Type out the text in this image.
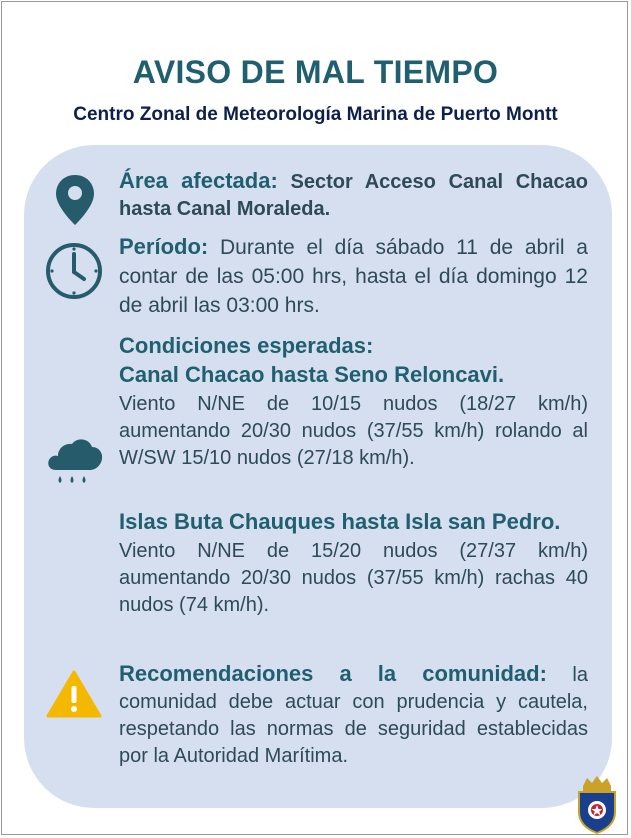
AVISO DE MAL TIEMPO
Centro Zonal de Meteorología Marina de Puerto Montt
Área afectada: Sector Acceso Canal Chacao hasta Canal Moraleda.
Período: Durante el día sábado 11 de abril a contar de las 05:00 hrs, hasta el día domingo 12 de abril las 03:00 hrs.
Condiciones esperadas:
Canal Chacao hasta Seno Reloncavi.
Viento N/NE de 10/15 nudos (18/27 km/h) aumentando 20/30 nudos (37/55 km/h) rolando al W/SW 15/10 nudos (27/18 km/h).
Islas Buta Chauques hasta Isla san Pedro.
Viento N/NE de 15/20 nudos (27/37 km/h) aumentando 20/30 nudos (37/55 km/h) rachas 40 nudos (74 km/h).
Recomendaciones a la comunidad: la comunidad debe actuar con prudencia y cautela, respetando las normas de seguridad establecidas por la Autoridad Marítima.
